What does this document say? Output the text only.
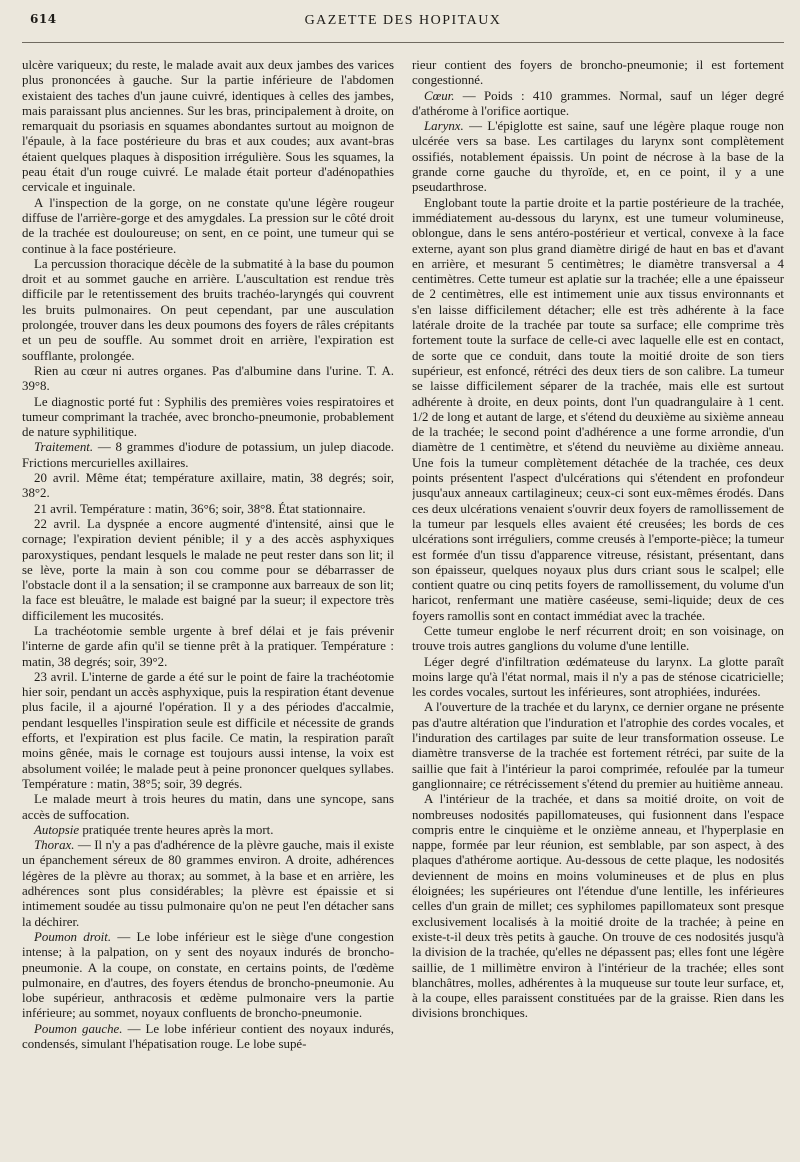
614	GAZETTE DES HOPITAUX

ulcère variqueux; du reste, le malade avait aux deux jambes des varices plus prononcées à gauche. Sur la partie inférieure de l'abdomen existaient des taches d'un jaune cuivré, identiques à celles des jambes, mais paraissant plus anciennes. Sur les bras, principalement à droite, on remarquait du psoriasis en squames abondantes surtout au moignon de l'épaule, à la face postérieure du bras et aux coudes; aux avant-bras étaient quelques plaques à disposition irrégulière. Sous les squames, la peau était d'un rouge cuivré. Le malade était porteur d'adénopathies cervicale et inguinale.

A l'inspection de la gorge, on ne constate qu'une légère rougeur diffuse de l'arrière-gorge et des amygdales. La pression sur le côté droit de la trachée est douloureuse; on sent, en ce point, une tumeur qui se continue à la face postérieure.

La percussion thoracique décèle de la submatité à la base du poumon droit et au sommet gauche en arrière. L'auscultation est rendue très difficile par le retentissement des bruits trachéo-laryngés qui couvrent les bruits pulmonaires. On peut cependant, par une ausculation prolongée, trouver dans les deux poumons des foyers de râles crépitants et un peu de souffle. Au sommet droit en arrière, l'expiration est soufflante, prolongée.

Rien au cœur ni autres organes. Pas d'albumine dans l'urine. T. A. 39°8.

Le diagnostic porté fut : Syphilis des premières voies respiratoires et tumeur comprimant la trachée, avec broncho-pneumonie, probablement de nature syphilitique.

Traitement. — 8 grammes d'iodure de potassium, un julep diacode. Frictions mercurielles axillaires.

20 avril. Même état; température axillaire, matin, 38 degrés; soir, 38°2.

21 avril. Température : matin, 36°6; soir, 38°8. État stationnaire.

22 avril. La dyspnée a encore augmenté d'intensité, ainsi que le cornage; l'expiration devient pénible; il y a des accès asphyxiques paroxystiques, pendant lesquels le malade ne peut rester dans son lit; il se lève, porte la main à son cou comme pour se débarrasser de l'obstacle dont il a la sensation; il se cramponne aux barreaux de son lit; la face est bleuâtre, le malade est baigné par la sueur; il expectore très difficilement les mucosités.

La trachéotomie semble urgente à bref délai et je fais prévenir l'interne de garde afin qu'il se tienne prêt à la pratiquer. Température : matin, 38 degrés; soir, 39°2.

23 avril. L'interne de garde a été sur le point de faire la trachéotomie hier soir, pendant un accès asphyxique, puis la respiration étant devenue plus facile, il a ajourné l'opération. Il y a des périodes d'accalmie, pendant lesquelles l'inspiration seule est difficile et nécessite de grands efforts, et l'expiration est plus facile. Ce matin, la respiration paraît moins gênée, mais le cornage est toujours aussi intense, la voix est absolument voilée; le malade peut à peine prononcer quelques syllabes. Température : matin, 38°5; soir, 39 degrés.

Le malade meurt à trois heures du matin, dans une syncope, sans accès de suffocation.

Autopsie pratiquée trente heures après la mort.

Thorax. — Il n'y a pas d'adhérence de la plèvre gauche, mais il existe un épanchement séreux de 80 grammes environ. A droite, adhérences légères de la plèvre au thorax; au sommet, à la base et en arrière, les adhérences sont plus considérables; la plèvre est épaissie et si intimement soudée au tissu pulmonaire qu'on ne peut l'en détacher sans la déchirer.

Poumon droit. — Le lobe inférieur est le siège d'une congestion intense; à la palpation, on y sent des noyaux indurés de broncho-pneumonie. A la coupe, on constate, en certains points, de l'œdème pulmonaire, en d'autres, des foyers étendus de broncho-pneumonie. Au lobe supérieur, anthracosis et œdème pulmonaire vers la partie inférieure; au sommet, noyaux confluents de broncho-pneumonie.

Poumon gauche. — Le lobe inférieur contient des noyaux indurés, condensés, simulant l'hépatisation rouge. Le lobe supé-

rieur contient des foyers de broncho-pneumonie; il est fortement congestionné.

Cœur. — Poids : 410 grammes. Normal, sauf un léger degré d'athérome à l'orifice aortique.

Larynx. — L'épiglotte est saine, sauf une légère plaque rouge non ulcérée vers sa base. Les cartilages du larynx sont complètement ossifiés, notablement épaissis. Un point de nécrose à la base de la grande corne gauche du thyroïde, et, en ce point, il y a une pseudarthrose.

Englobant toute la partie droite et la partie postérieure de la trachée, immédiatement au-dessous du larynx, est une tumeur volumineuse, oblongue, dans le sens antéro-postérieur et vertical, convexe à la face externe, ayant son plus grand diamètre dirigé de haut en bas et d'avant en arrière, et mesurant 5 centimètres; le diamètre transversal a 4 centimètres. Cette tumeur est aplatie sur la trachée; elle a une épaisseur de 2 centimètres, elle est intimement unie aux tissus environnants et s'en laisse difficilement détacher; elle est très adhérente à la face latérale droite de la trachée par toute sa surface; elle comprime très fortement toute la surface de celle-ci avec laquelle elle est en contact, de sorte que ce conduit, dans toute la moitié droite de son tiers supérieur, est enfoncé, rétréci des deux tiers de son calibre. La tumeur se laisse difficilement séparer de la trachée, mais elle est surtout adhérente à droite, en deux points, dont l'un quadrangulaire à 1 cent. 1/2 de long et autant de large, et s'étend du deuxième au sixième anneau de la trachée; le second point d'adhérence a une forme arrondie, d'un diamètre de 1 centimètre, et s'étend du neuvième au dixième anneau. Une fois la tumeur complètement détachée de la trachée, ces deux points présentent l'aspect d'ulcérations qui s'étendent en profondeur jusqu'aux anneaux cartilagineux; ceux-ci sont eux-mêmes érodés. Dans ces deux ulcérations venaient s'ouvrir deux foyers de ramollissement de la tumeur par lesquels elles avaient été creusées; les bords de ces ulcérations sont irréguliers, comme creusés à l'emporte-pièce; la tumeur est formée d'un tissu d'apparence vitreuse, résistant, présentant, dans son épaisseur, quelques noyaux plus durs criant sous le scalpel; elle contient quatre ou cinq petits foyers de ramollissement, du volume d'un haricot, renfermant une matière caséeuse, semi-liquide; deux de ces foyers ramollis sont en contact immédiat avec la trachée.

Cette tumeur englobe le nerf récurrent droit; en son voisinage, on trouve trois autres ganglions du volume d'une lentille.

Léger degré d'infiltration œdémateuse du larynx. La glotte paraît moins large qu'à l'état normal, mais il n'y a pas de sténose cicatricielle; les cordes vocales, surtout les inférieures, sont atrophiées, indurées.

A l'ouverture de la trachée et du larynx, ce dernier organe ne présente pas d'autre altération que l'induration et l'atrophie des cordes vocales, et l'induration des cartilages par suite de leur transformation osseuse. Le diamètre transverse de la trachée est fortement rétréci, par suite de la saillie que fait à l'intérieur la paroi comprimée, refoulée par la tumeur ganglionnaire; ce rétrécissement s'étend du premier au huitième anneau.

A l'intérieur de la trachée, et dans sa moitié droite, on voit de nombreuses nodosités papillomateuses, qui fusionnent dans l'espace compris entre le cinquième et le onzième anneau, et l'hyperplasie en nappe, formée par leur réunion, est semblable, par son aspect, à des plaques d'athérome aortique. Au-dessous de cette plaque, les nodosités deviennent de moins en moins volumineuses et de plus en plus éloignées; les supérieures ont l'étendue d'une lentille, les inférieures celles d'un grain de millet; ces syphilomes papillomateux sont presque exclusivement localisés à la moitié droite de la trachée; à peine en existe-t-il deux très petits à gauche. On trouve de ces nodosités jusqu'à la division de la trachée, qu'elles ne dépassent pas; elles font une légère saillie, de 1 millimètre environ à l'intérieur de la trachée; elles sont blanchâtres, molles, adhérentes à la muqueuse sur toute leur surface, et, à la coupe, elles paraissent constituées par de la graisse. Rien dans les divisions bronchiques.
